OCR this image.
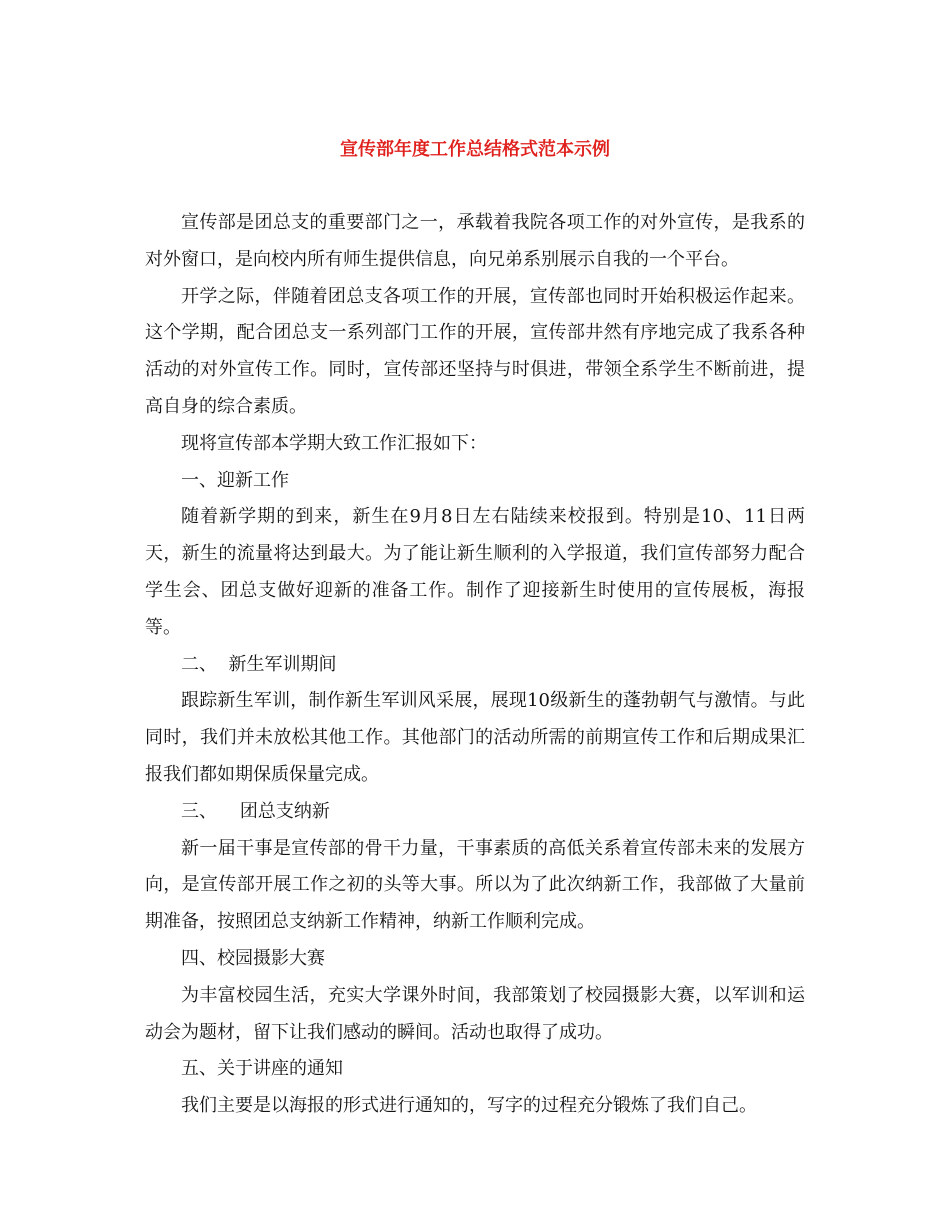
宣传部年度工作总结格式范本示例

宣传部是团总支的重要部门之一，承载着我院各项工作的对外宣传，是我系的对外窗口，是向校内所有师生提供信息，向兄弟系别展示自我的一个平台。

开学之际，伴随着团总支各项工作的开展，宣传部也同时开始积极运作起来。这个学期，配合团总支一系列部门工作的开展，宣传部井然有序地完成了我系各种活动的对外宣传工作。同时，宣传部还坚持与时俱进，带领全系学生不断前进，提高自身的综合素质。

现将宣传部本学期大致工作汇报如下：

一、迎新工作

随着新学期的到来，新生在9月8日左右陆续来校报到。特别是10、11日两天，新生的流量将达到最大。为了能让新生顺利的入学报道，我们宣传部努力配合学生会、团总支做好迎新的准备工作。制作了迎接新生时使用的宣传展板，海报等。

二、  新生军训期间

跟踪新生军训，制作新生军训风采展，展现10级新生的蓬勃朝气与激情。与此同时，我们并未放松其他工作。其他部门的活动所需的前期宣传工作和后期成果汇报我们都如期保质保量完成。

三、    团总支纳新

新一届干事是宣传部的骨干力量，干事素质的高低关系着宣传部未来的发展方向，是宣传部开展工作之初的头等大事。所以为了此次纳新工作，我部做了大量前期准备，按照团总支纳新工作精神，纳新工作顺利完成。

四、校园摄影大赛

为丰富校园生活，充实大学课外时间，我部策划了校园摄影大赛，以军训和运动会为题材，留下让我们感动的瞬间。活动也取得了成功。

五、关于讲座的通知

我们主要是以海报的形式进行通知的，写字的过程充分锻炼了我们自己。
